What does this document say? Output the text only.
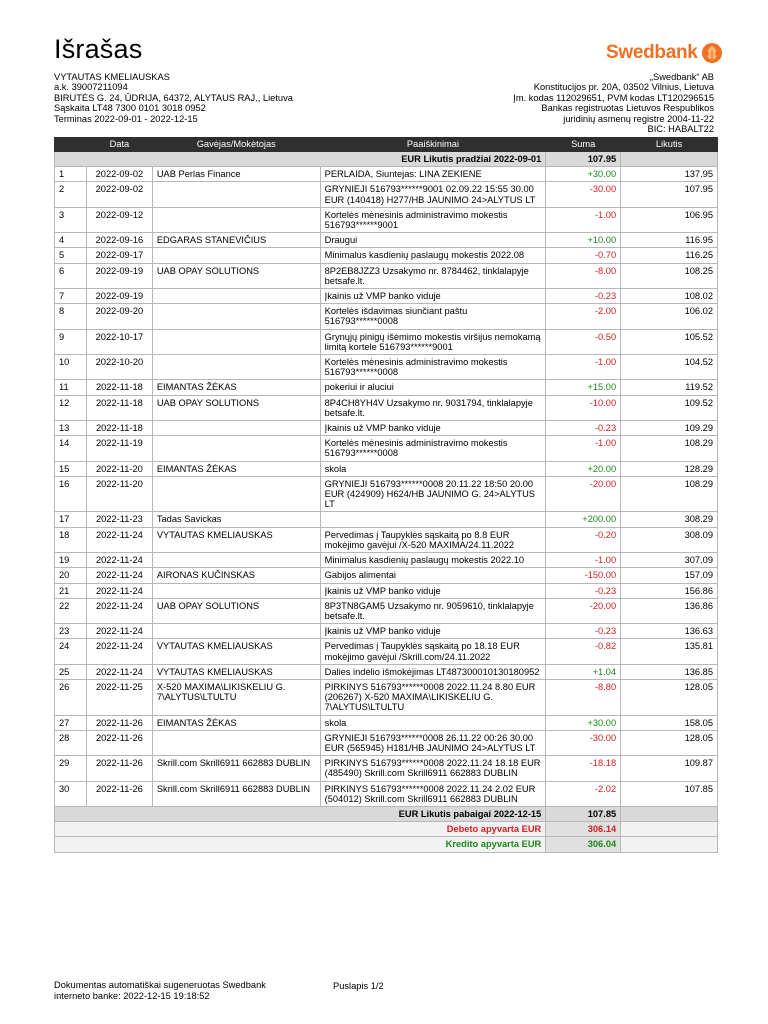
Išrašas	Swedbank
VYTAUTAS KMELIAUSKAS
a.k. 39007211094
BIRUTĖS G. 24, ŪDRIJA, 64372, ALYTAUS RAJ., Lietuva
Sąskaita LT48 7300 0101 3018 0952
Terminas 2022-09-01 - 2022-12-15
„Swedbank“ AB
Konstitucijos pr. 20A, 03502 Vilnius, Lietuva
Įm. kodas 112029651, PVM kodas LT120296515
Bankas registruotas Lietuvos Respublikos
juridinių asmenų registre 2004-11-22
BIC: HABALT22
	Data	Gavėjas/Mokėtojas	Paaiškinimai	Suma	Likutis
EUR Likutis pradžiai 2022-09-01				107.95	
1	2022-09-02	UAB Perlas Finance	PERLAIDA, Siuntejas: LINA ZEKIENE	+30.00	137.95
2	2022-09-02		GRYNIEJI 516793******9001 02.09.22 15:55 30.00 EUR (140418) H277/HB JAUNIMO 24>ALYTUS LT	-30.00	107.95
3	2022-09-12		Kortelės mėnesinis administravimo mokestis 516793******9001	-1.00	106.95
4	2022-09-16	EDGARAS STANEVIČIUS	Draugui	+10.00	116.95
5	2022-09-17		Minimalus kasdienių paslaugų mokestis 2022.08	-0.70	116.25
6	2022-09-19	UAB OPAY SOLUTIONS	8P2EB8JZZ3 Uzsakymo nr. 8784462, tinklalapyje betsafe.lt.	-8.00	108.25
7	2022-09-19		Įkainis už VMP banko viduje	-0.23	108.02
8	2022-09-20		Kortelės išdavimas siunčiant paštu 516793******0008	-2.00	106.02
9	2022-10-17		Grynųjų pinigų išėmimo mokestis viršijus nemokamą limitą kortele 516793******9001	-0.50	105.52
10	2022-10-20		Kortelės mėnesinis administravimo mokestis 516793******0008	-1.00	104.52
11	2022-11-18	EIMANTAS ŽĖKAS	pokeriui ir aluciui	+15.00	119.52
12	2022-11-18	UAB OPAY SOLUTIONS	8P4CH8YH4V Uzsakymo nr. 9031794, tinklalapyje betsafe.lt.	-10.00	109.52
13	2022-11-18		Įkainis už VMP banko viduje	-0.23	109.29
14	2022-11-19		Kortelės mėnesinis administravimo mokestis 516793******0008	-1.00	108.29
15	2022-11-20	EIMANTAS ŽĖKAS	skola	+20.00	128.29
16	2022-11-20		GRYNIEJI 516793******0008 20.11.22 18:50 20.00 EUR (424909) H624/HB JAUNIMO G. 24>ALYTUS LT	-20.00	108.29
17	2022-11-23	Tadas Savickas		+200.00	308.29
18	2022-11-24	VYTAUTAS KMELIAUSKAS	Pervedimas į Taupyklės sąskaitą po 8.8 EUR mokėjimo gavėjui /X-520 MAXIMA/24.11.2022	-0.20	308.09
19	2022-11-24		Minimalus kasdienių paslaugų mokestis 2022.10	-1.00	307.09
20	2022-11-24	AIRONAS KUČINSKAS	Gabijos alimentai	-150.00	157.09
21	2022-11-24		Įkainis už VMP banko viduje	-0.23	156.86
22	2022-11-24	UAB OPAY SOLUTIONS	8P3TN8GAM5 Uzsakymo nr. 9059610, tinklalapyje betsafe.lt.	-20.00	136.86
23	2022-11-24		Įkainis už VMP banko viduje	-0.23	136.63
24	2022-11-24	VYTAUTAS KMELIAUSKAS	Pervedimas į Taupyklės sąskaitą po 18.18 EUR mokėjimo gavėjui /Skrill.com/24.11.2022	-0.82	135.81
25	2022-11-24	VYTAUTAS KMELIAUSKAS	Dalies indėlio išmokėjimas LT487300010130180952	+1.04	136.85
26	2022-11-25	X-520 MAXIMA\LIKISKELIU G. 7\ALYTUS\LTULTU	PIRKINYS 516793******0008 2022.11.24 8.80 EUR (206267) X-520 MAXIMA\LIKISKELIU G. 7\ALYTUS\LTULTU	-8.80	128.05
27	2022-11-26	EIMANTAS ŽĖKAS	skola	+30.00	158.05
28	2022-11-26		GRYNIEJI 516793******0008 26.11.22 00:26 30.00 EUR (565945) H181/HB JAUNIMO 24>ALYTUS LT	-30.00	128.05
29	2022-11-26	Skrill.com Skrill6911 662883 DUBLIN	PIRKINYS 516793******0008 2022.11.24 18.18 EUR (485490) Skrill.com Skrill6911 662883 DUBLIN	-18.18	109.87
30	2022-11-26	Skrill.com Skrill6911 662883 DUBLIN	PIRKINYS 516793******0008 2022.11.24 2.02 EUR (504012) Skrill.com Skrill6911 662883 DUBLIN	-2.02	107.85
EUR Likutis pabaigai 2022-12-15				107.85	
Debeto apyvarta EUR				306.14	
Kredito apyvarta EUR				306.04	
Dokumentas automatiškai sugeneruotas Swedbank
interneto banke: 2022-12-15 19:18:52
Puslapis 1/2
